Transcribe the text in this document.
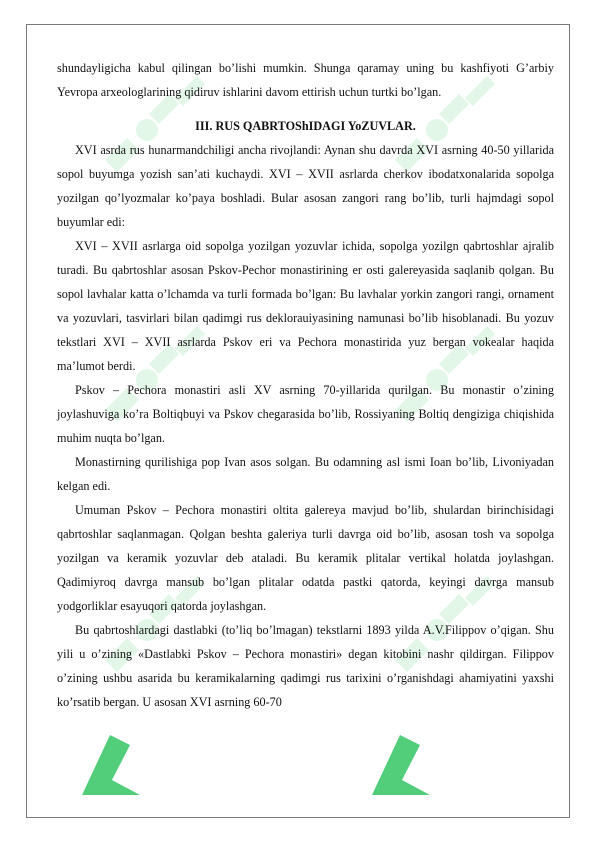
shundayligicha kabul qilingan bo’lishi mumkin. Shunga qaramay uning bu kashfiyoti G’arbiy Yevropa arxeologlarining qidiruv ishlarini davom ettirish uchun turtki bo’lgan.

III. RUS QABRTOShIDAGI YoZUVLAR.

XVI asrda rus hunarmandchiligi ancha rivojlandi: Aynan shu davrda XVI asrning 40-50 yillarida sopol buyumga yozish san’ati kuchaydi. XVI – XVII asrlarda cherkov ibodatxonalarida sopolga yozilgan qo’lyozmalar ko’paya boshladi. Bular asosan zangori rang bo’lib, turli hajmdagi sopol buyumlar edi:

XVI – XVII asrlarga oid sopolga yozilgan yozuvlar ichida, sopolga yozilgn qabrtoshlar ajralib turadi. Bu qabrtoshlar asosan Pskov-Pechor monastirining er osti galereyasida saqlanib qolgan. Bu sopol lavhalar katta o’lchamda va turli formada bo’lgan: Bu lavhalar yorkin zangori rangi, ornament va yozuvlari, tasvirlari bilan qadimgi rus deklorauiyasining namunasi bo’lib hisoblanadi. Bu yozuv tekstlari XVI – XVII asrlarda Pskov eri va Pechora monastirida yuz bergan vokealar haqida ma’lumot berdi.

Pskov – Pechora monastiri asli XV asrning 70-yillarida qurilgan. Bu monastir o’zining joylashuviga ko’ra Boltiqbuyi va Pskov chegarasida bo’lib, Rossiyaning Boltiq dengiziga chiqishida muhim nuqta bo’lgan.

Monastirning qurilishiga pop Ivan asos solgan. Bu odamning asl ismi Ioan bo’lib, Livoniyadan kelgan edi.

Umuman Pskov – Pechora monastiri oltita galereya mavjud bo’lib, shulardan birinchisidagi qabrtoshlar saqlanmagan. Qolgan beshta galeriya turli davrga oid bo’lib, asosan tosh va sopolga yozilgan va keramik yozuvlar deb ataladi. Bu keramik plitalar vertikal holatda joylashgan. Qadimiyroq davrga mansub bo’lgan plitalar odatda pastki qatorda, keyingi davrga mansub yodgorliklar esayuqori qatorda joylashgan.

Bu qabrtoshlardagi dastlabki (to’liq bo’lmagan) tekstlarni 1893 yilda A.V.Filippov o’qigan. Shu yili u o’zining «Dastlabki Pskov – Pechora monastiri» degan kitobini nashr qildirgan. Filippov o’zining ushbu asarida bu keramikalarning qadimgi rus tarixini o’rganishdagi ahamiyatini yaxshi ko’rsatib bergan. U asosan XVI asrning 60-70
